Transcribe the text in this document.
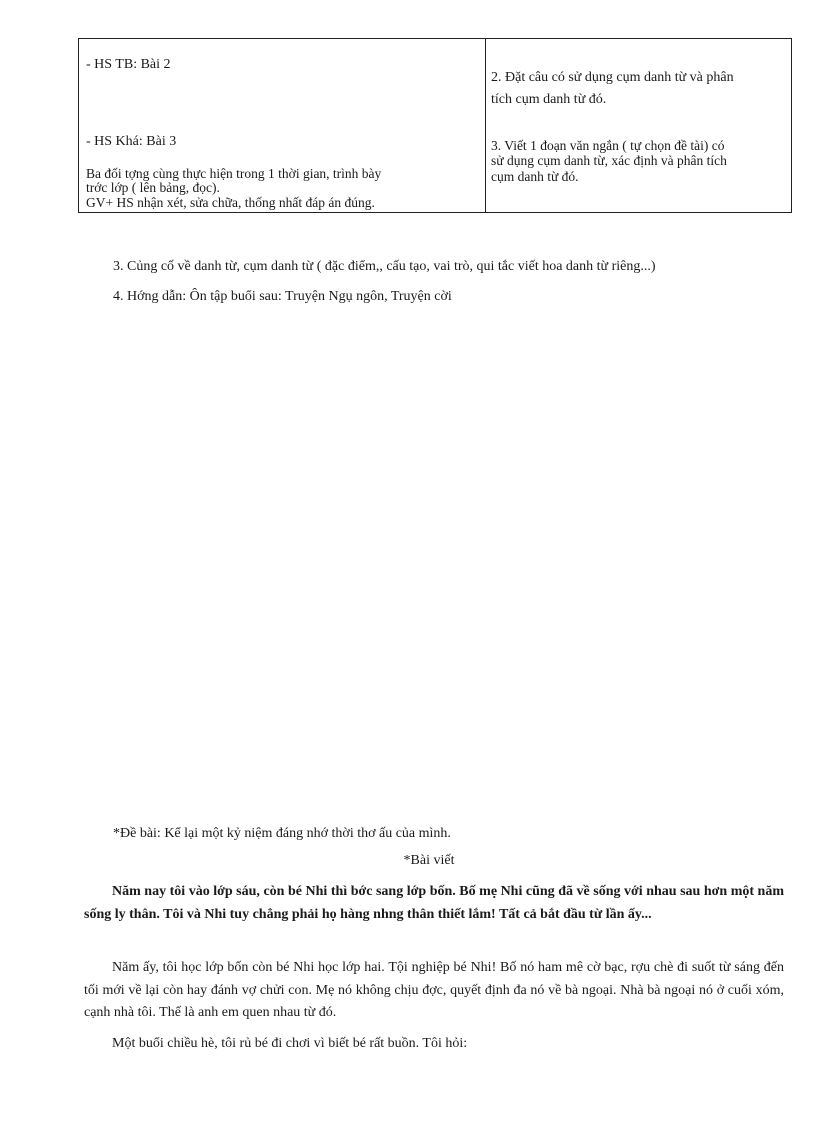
- HS TB: Bài 2
- HS Khá: Bài 3
Ba đối tợng cùng thực hiện trong 1 thời gian, trình bày
trớc lớp ( lên bảng, đọc).
GV+ HS nhận xét, sửa chữa, thống nhất đáp án đúng.
2. Đặt câu có sử dụng cụm danh từ và phân
tích cụm danh từ đó.
3. Viết 1 đoạn văn ngắn ( tự chọn đề tài) có
sử dụng cụm danh từ, xác định và phân tích
cụm danh từ đó.
3. Củng cố về danh từ, cụm danh từ ( đặc điểm,, cấu tạo, vai trò, qui tắc viết hoa danh từ riêng...)
4. Hớng dẫn: Ôn tập buổi sau: Truyện Ngụ ngôn, Truyện cời
*Đề bài: Kể lại một kỷ niệm đáng nhớ thời thơ ấu của mình.
*Bài viết
Năm nay tôi vào lớp sáu, còn bé Nhi thì bớc sang lớp bốn. Bố mẹ Nhi cũng đã về sống với nhau sau hơn một năm sống ly thân. Tôi và Nhi tuy chẳng phải họ hàng nhng thân thiết lắm! Tất cả bắt đầu từ lần ấy...
Năm ấy, tôi học lớp bốn còn bé Nhi học lớp hai. Tội nghiệp bé Nhi! Bố nó ham mê cờ bạc, rợu chè đi suốt từ sáng đến tối mới về lại còn hay đánh vợ chửi con. Mẹ nó không chịu đợc, quyết định đa nó về bà ngoại. Nhà bà ngoại nó ở cuối xóm, cạnh nhà tôi. Thế là anh em quen nhau từ đó.
Một buổi chiều hè, tôi rủ bé đi chơi vì biết bé rất buồn. Tôi hỏi:
